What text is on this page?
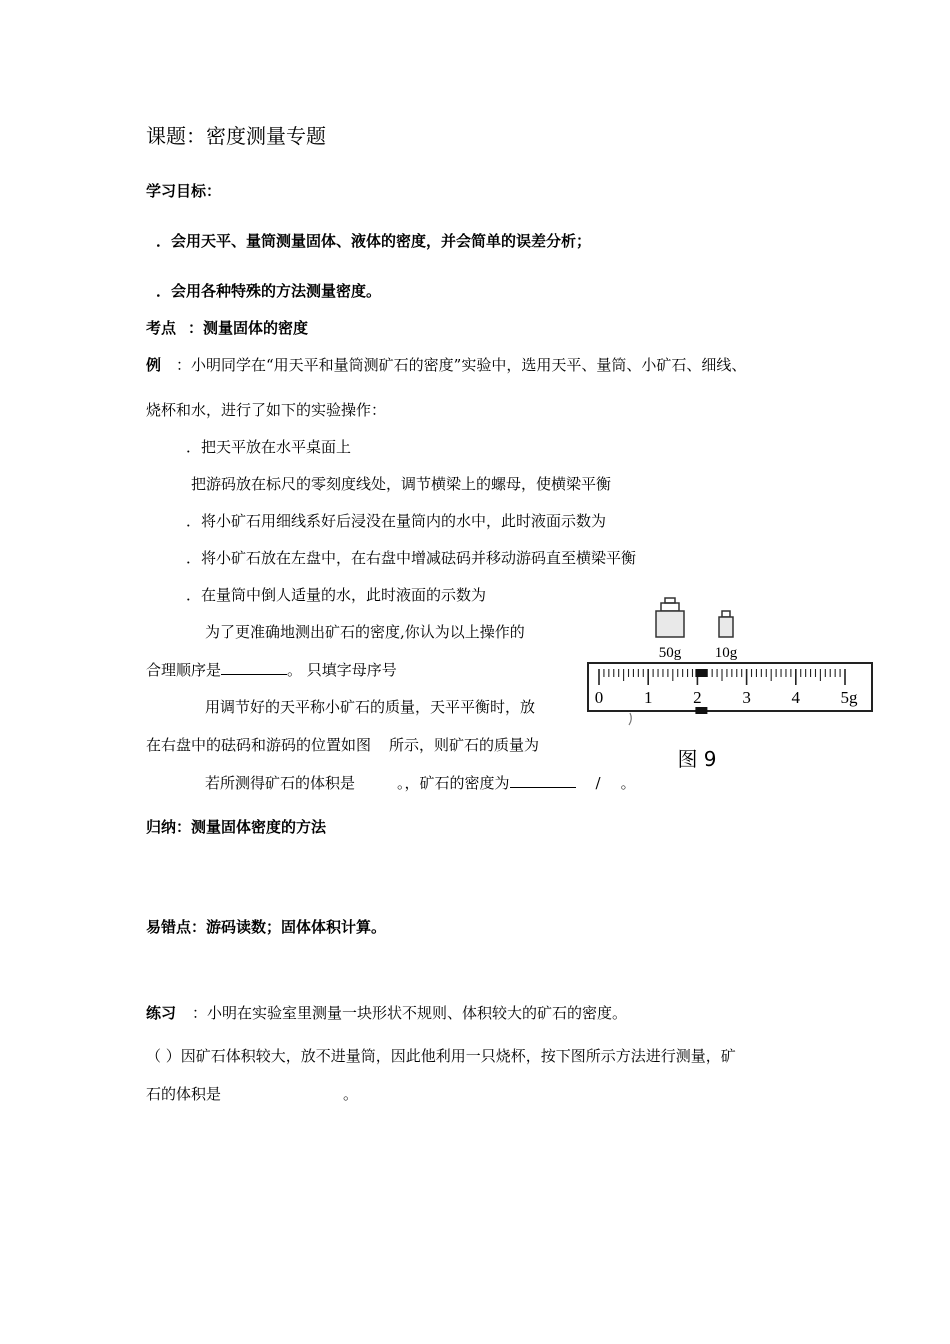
课题：密度测量专题
学习目标：
．会用天平、量筒测量固体、液体的密度，并会简单的误差分析；
．会用各种特殊的方法测量密度。
考点 ：测量固体的密度
例 ：小明同学在“用天平和量筒测矿石的密度”实验中，选用天平、量筒、小矿石、细线、
烧杯和水，进行了如下的实验操作：
．把天平放在水平桌面上
把游码放在标尺的零刻度线处，调节横梁上的螺母，使横梁平衡
．将小矿石用细线系好后浸没在量筒内的水中，此时液面示数为
．将小矿石放在左盘中，在右盘中增减砝码并移动游码直至横梁平衡
．在量筒中倒人适量的水，此时液面的示数为
为了更准确地测出矿石的密度,你认为以上操作的
合理顺序是	。 只填字母序号
用调节好的天平称小矿石的质量，天平平衡时，放
在右盘中的砝码和游码的位置如图 所示，则矿石的质量为
若所测得矿石的体积是	。，矿石的密度为	/ 。
50g 10g
0 1 2 3 4 5g
图 9
归纳：测量固体密度的方法
易错点：游码读数；固体体积计算。
练习 ：小明在实验室里测量一块形状不规则、体积较大的矿石的密度。
（ ）因矿石体积较大，放不进量筒，因此他利用一只烧杯，按下图所示方法进行测量，矿
石的体积是	。
